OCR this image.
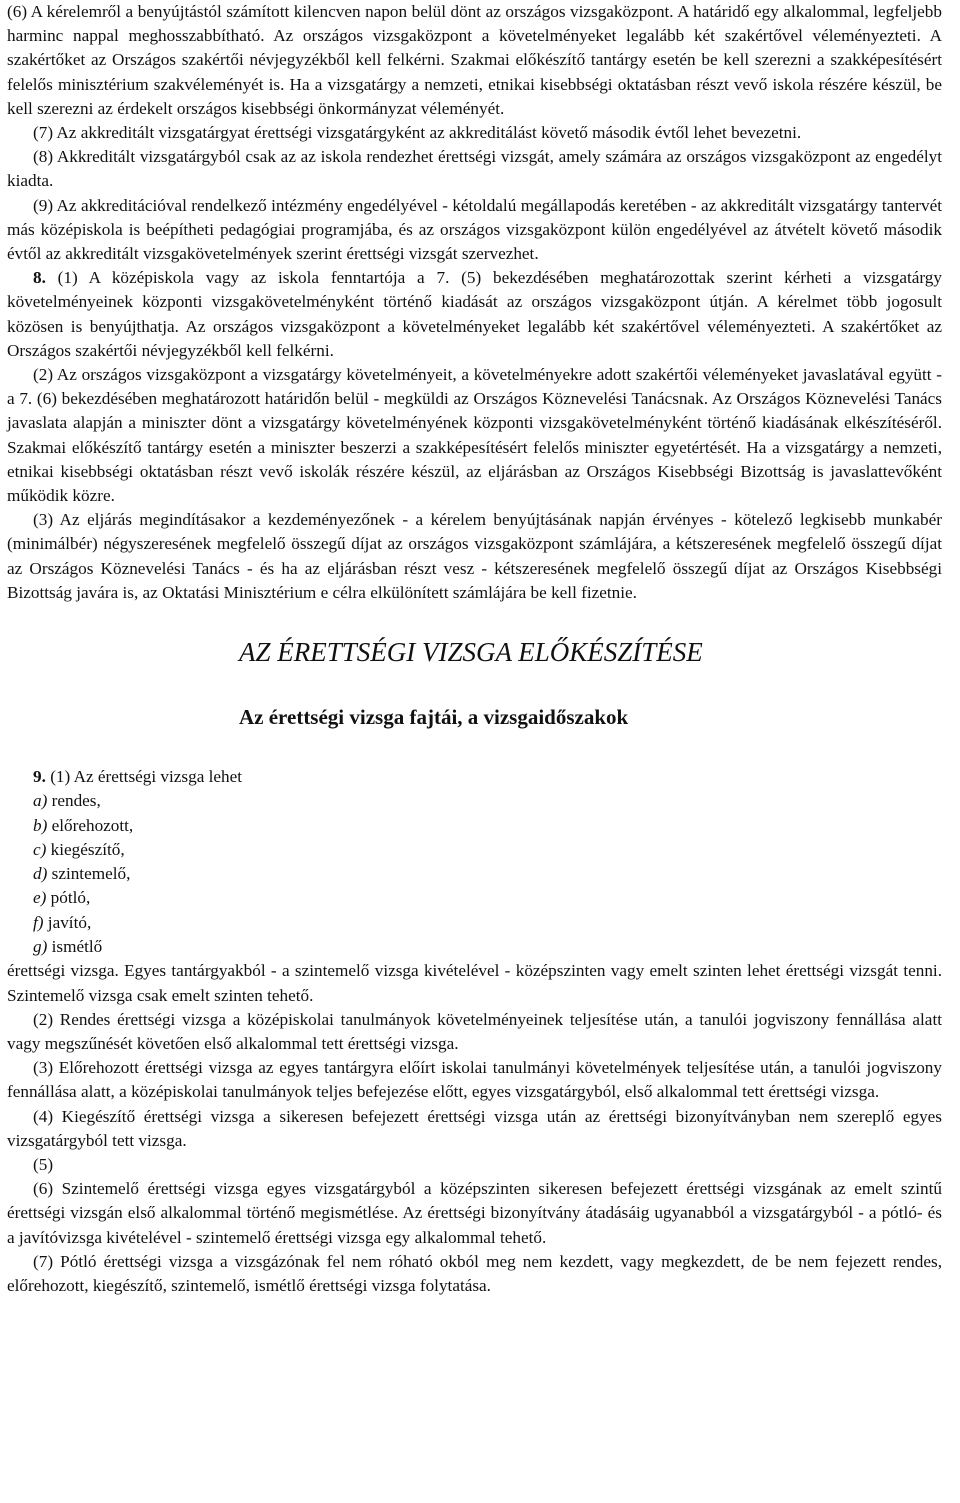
(6) A kérelemről a benyújtástól számított kilencven napon belül dönt az országos vizsgaközpont. A határidő egy alkalommal, legfeljebb harminc nappal meghosszabbítható. Az országos vizsgaközpont a követelményeket legalább két szakértővel véleményezteti. A szakértőket az Országos szakértői névjegyzékből kell felkérni. Szakmai előkészítő tantárgy esetén be kell szerezni a szakképesítésért felelős minisztérium szakvéleményét is. Ha a vizsgatárgy a nemzeti, etnikai kisebbségi oktatásban részt vevő iskola részére készül, be kell szerezni az érdekelt országos kisebbségi önkormányzat véleményét.

(7) Az akkreditált vizsgatárgyat érettségi vizsgatárgyként az akkreditálást követő második évtől lehet bevezetni.

(8) Akkreditált vizsgatárgyból csak az az iskola rendezhet érettségi vizsgát, amely számára az országos vizsgaközpont az engedélyt kiadta.

(9) Az akkreditációval rendelkező intézmény engedélyével - kétoldalú megállapodás keretében - az akkreditált vizsgatárgy tantervét más középiskola is beépítheti pedagógiai programjába, és az országos vizsgaközpont külön engedélyével az átvételt követő második évtől az akkreditált vizsgakövetelmények szerint érettségi vizsgát szervezhet.

8. (1) A középiskola vagy az iskola fenntartója a 7. (5) bekezdésében meghatározottak szerint kérheti a vizsgatárgy követelményeinek központi vizsgakövetelményként történő kiadását az országos vizsgaközpont útján. A kérelmet több jogosult közösen is benyújthatja. Az országos vizsgaközpont a követelményeket legalább két szakértővel véleményezteti. A szakértőket az Országos szakértői névjegyzékből kell felkérni.

(2) Az országos vizsgaközpont a vizsgatárgy követelményeit, a követelményekre adott szakértői véleményeket javaslatával együtt - a 7. (6) bekezdésében meghatározott határidőn belül - megküldi az Országos Köznevelési Tanácsnak. Az Országos Köznevelési Tanács javaslata alapján a miniszter dönt a vizsgatárgy követelményének központi vizsgakövetelményként történő kiadásának elkészítéséről. Szakmai előkészítő tantárgy esetén a miniszter beszerzi a szakképesítésért felelős miniszter egyetértését. Ha a vizsgatárgy a nemzeti, etnikai kisebbségi oktatásban részt vevő iskolák részére készül, az eljárásban az Országos Kisebbségi Bizottság is javaslattevőként működik közre.

(3) Az eljárás megindításakor a kezdeményezőnek - a kérelem benyújtásának napján érvényes - kötelező legkisebb munkabér (minimálbér) négyszeresének megfelelő összegű díjat az országos vizsgaközpont számlájára, a kétszeresének megfelelő összegű díjat az Országos Köznevelési Tanács - és ha az eljárásban részt vesz - kétszeresének megfelelő összegű díjat az Országos Kisebbségi Bizottság javára is, az Oktatási Minisztérium e célra elkülönített számlájára be kell fizetnie.

AZ ÉRETTSÉGI VIZSGA ELŐKÉSZÍTÉSE
Az érettségi vizsga fajtái, a vizsgaidőszakok
9. (1) Az érettségi vizsga lehet
a) rendes,
b) előrehozott,
c) kiegészítő,
d) szintemelő,
e) pótló,
f) javító,
g) ismétlő

érettségi vizsga. Egyes tantárgyakból - a szintemelő vizsga kivételével - középszinten vagy emelt szinten lehet érettségi vizsgát tenni. Szintemelő vizsga csak emelt szinten tehető.

(2) Rendes érettségi vizsga a középiskolai tanulmányok követelményeinek teljesítése után, a tanulói jogviszony fennállása alatt vagy megszűnését követően első alkalommal tett érettségi vizsga.

(3) Előrehozott érettségi vizsga az egyes tantárgyra előírt iskolai tanulmányi követelmények teljesítése után, a tanulói jogviszony fennállása alatt, a középiskolai tanulmányok teljes befejezése előtt, egyes vizsgatárgyból, első alkalommal tett érettségi vizsga.

(4) Kiegészítő érettségi vizsga a sikeresen befejezett érettségi vizsga után az érettségi bizonyítványban nem szereplő egyes vizsgatárgyból tett vizsga.

(5)

(6) Szintemelő érettségi vizsga egyes vizsgatárgyból a középszinten sikeresen befejezett érettségi vizsgának az emelt szintű érettségi vizsgán első alkalommal történő megismétlése. Az érettségi bizonyítvány átadásáig ugyanabból a vizsgatárgyból - a pótló- és a javítóvizsga kivételével - szintemelő érettségi vizsga egy alkalommal tehető.

(7) Pótló érettségi vizsga a vizsgázónak fel nem róható okból meg nem kezdett, vagy megkezdett, de be nem fejezett rendes, előrehozott, kiegészítő, szintemelő, ismétlő érettségi vizsga folytatása.
